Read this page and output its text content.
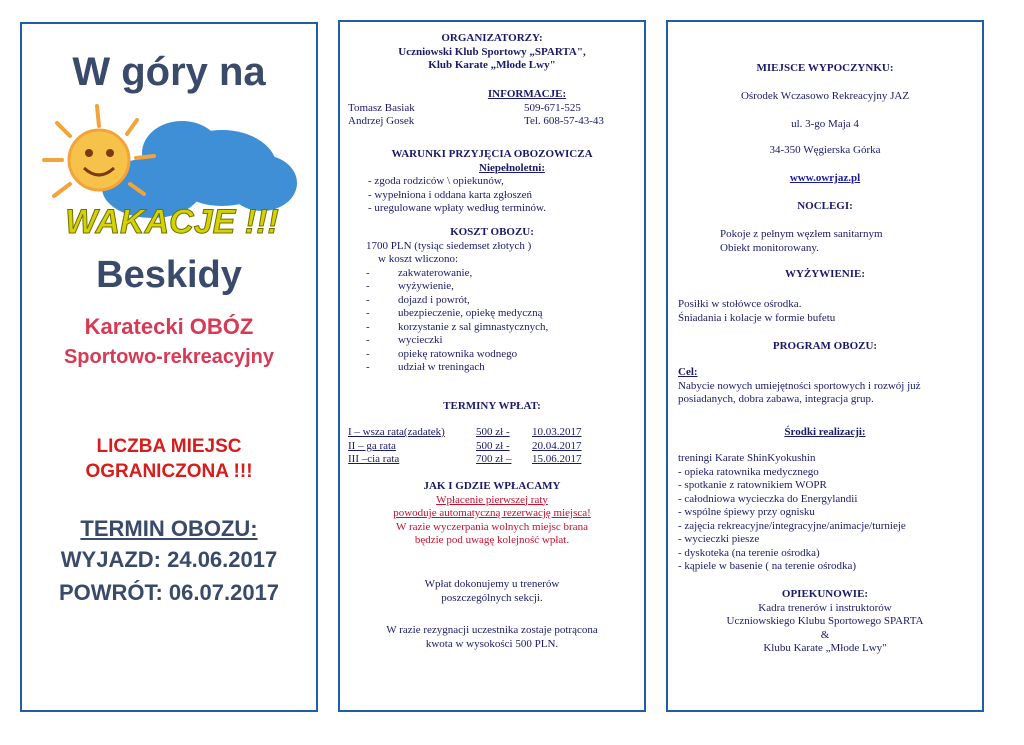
W góry na
WAKACJE !!!
Beskidy
Karatecki OBÓZ
Sportowo-rekreacyjny
LICZBA MIEJSC
OGRANICZONA !!!
TERMIN OBOZU:
WYJAZD: 24.06.2017
POWRÓT: 06.07.2017
ORGANIZATORZY:
Uczniowski Klub Sportowy „SPARTA",
Klub Karate „Młode Lwy"
INFORMACJE:
Tomasz Basiak	509-671-525
Andrzej Gosek	Tel. 608-57-43-43
WARUNKI PRZYJĘCIA OBOZOWICZA
Niepełnoletni:
- zgoda rodziców \ opiekunów,
- wypełniona i oddana karta zgłoszeń
- uregulowane wpłaty według terminów.
KOSZT OBOZU:
1700 PLN (tysiąc siedemset złotych )
w koszt wliczono:
-	zakwaterowanie,
-	wyżywienie,
-	dojazd i powrót,
-	ubezpieczenie, opiekę medyczną
-	korzystanie z sal gimnastycznych,
-	wycieczki
-	opiekę ratownika wodnego
-	udział w treningach
TERMINY WPŁAT:
I – wsza rata(zadatek)	500 zł -	10.03.2017
II – ga rata	500 zł -	20.04.2017
III –cia rata	700 zł –	15.06.2017
JAK I GDZIE WPŁACAMY
Wpłacenie pierwszej raty
powoduje automatyczną rezerwację miejsca!
W razie wyczerpania wolnych miejsc brana
będzie pod uwagę kolejność wpłat.
Wpłat dokonujemy u trenerów
poszczególnych sekcji.
W razie rezygnacji uczestnika zostaje potrącona
kwota w wysokości 500 PLN.
MIEJSCE WYPOCZYNKU:
Ośrodek Wczasowo Rekreacyjny JAZ
ul. 3-go Maja 4
34-350 Węgierska Górka
www.owrjaz.pl
NOCLEGI:
Pokoje z pełnym węzłem sanitarnym
Obiekt monitorowany.
WYŻYWIENIE:
Posiłki w stołówce ośrodka.
Śniadania i kolacje w formie bufetu
PROGRAM OBOZU:
Cel:
Nabycie nowych umiejętności sportowych i rozwój już
posiadanych, dobra zabawa, integracja grup.
Środki realizacji:
treningi Karate ShinKyokushin
- opieka ratownika medycznego
- spotkanie z ratownikiem WOPR
- całodniowa wycieczka do Energylandii
- wspólne śpiewy przy ognisku
- zajęcia rekreacyjne/integracyjne/animacje/turnieje
- wycieczki piesze
- dyskoteka (na terenie ośrodka)
- kąpiele w basenie ( na terenie ośrodka)
OPIEKUNOWIE:
Kadra trenerów i instruktorów
Uczniowskiego Klubu Sportowego SPARTA
&
Klubu Karate „Młode Lwy"
